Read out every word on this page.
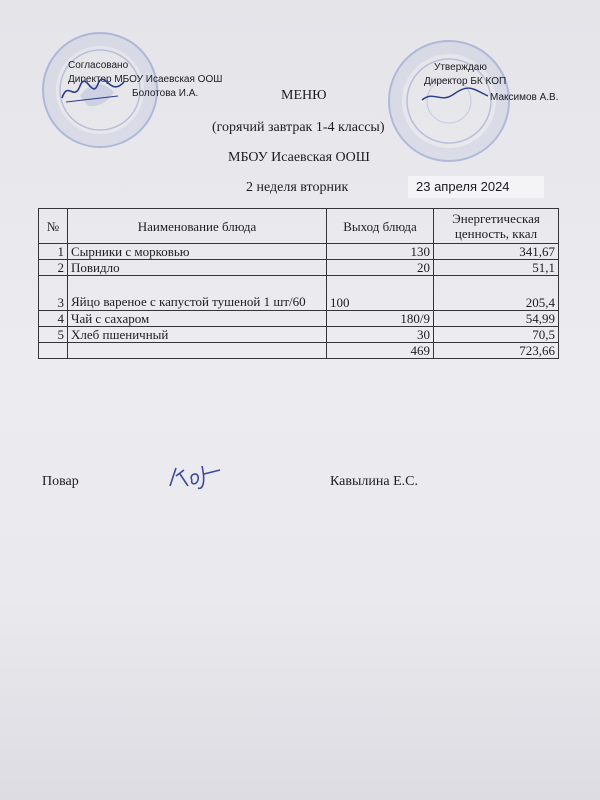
Согласовано
Директор МБОУ Исаевская ООШ
Болотова И.А.
Утверждаю
Директор БК КОП
Максимов А.В.
МЕНЮ
(горячий завтрак 1-4 классы)
МБОУ Исаевская ООШ
2 неделя вторник	23 апреля 2024
№	Наименование блюда	Выход блюда	Энергетическая ценность, ккал
1	Сырники с морковью	130	341,67
2	Повидло	20	51,1
3	Яйцо вареное с капустой тушеной 1 шт/60	100	205,4
4	Чай с сахаром	180/9	54,99
5	Хлеб пшеничный	30	70,5
		469	723,66
Повар	Кавылина Е.С.
